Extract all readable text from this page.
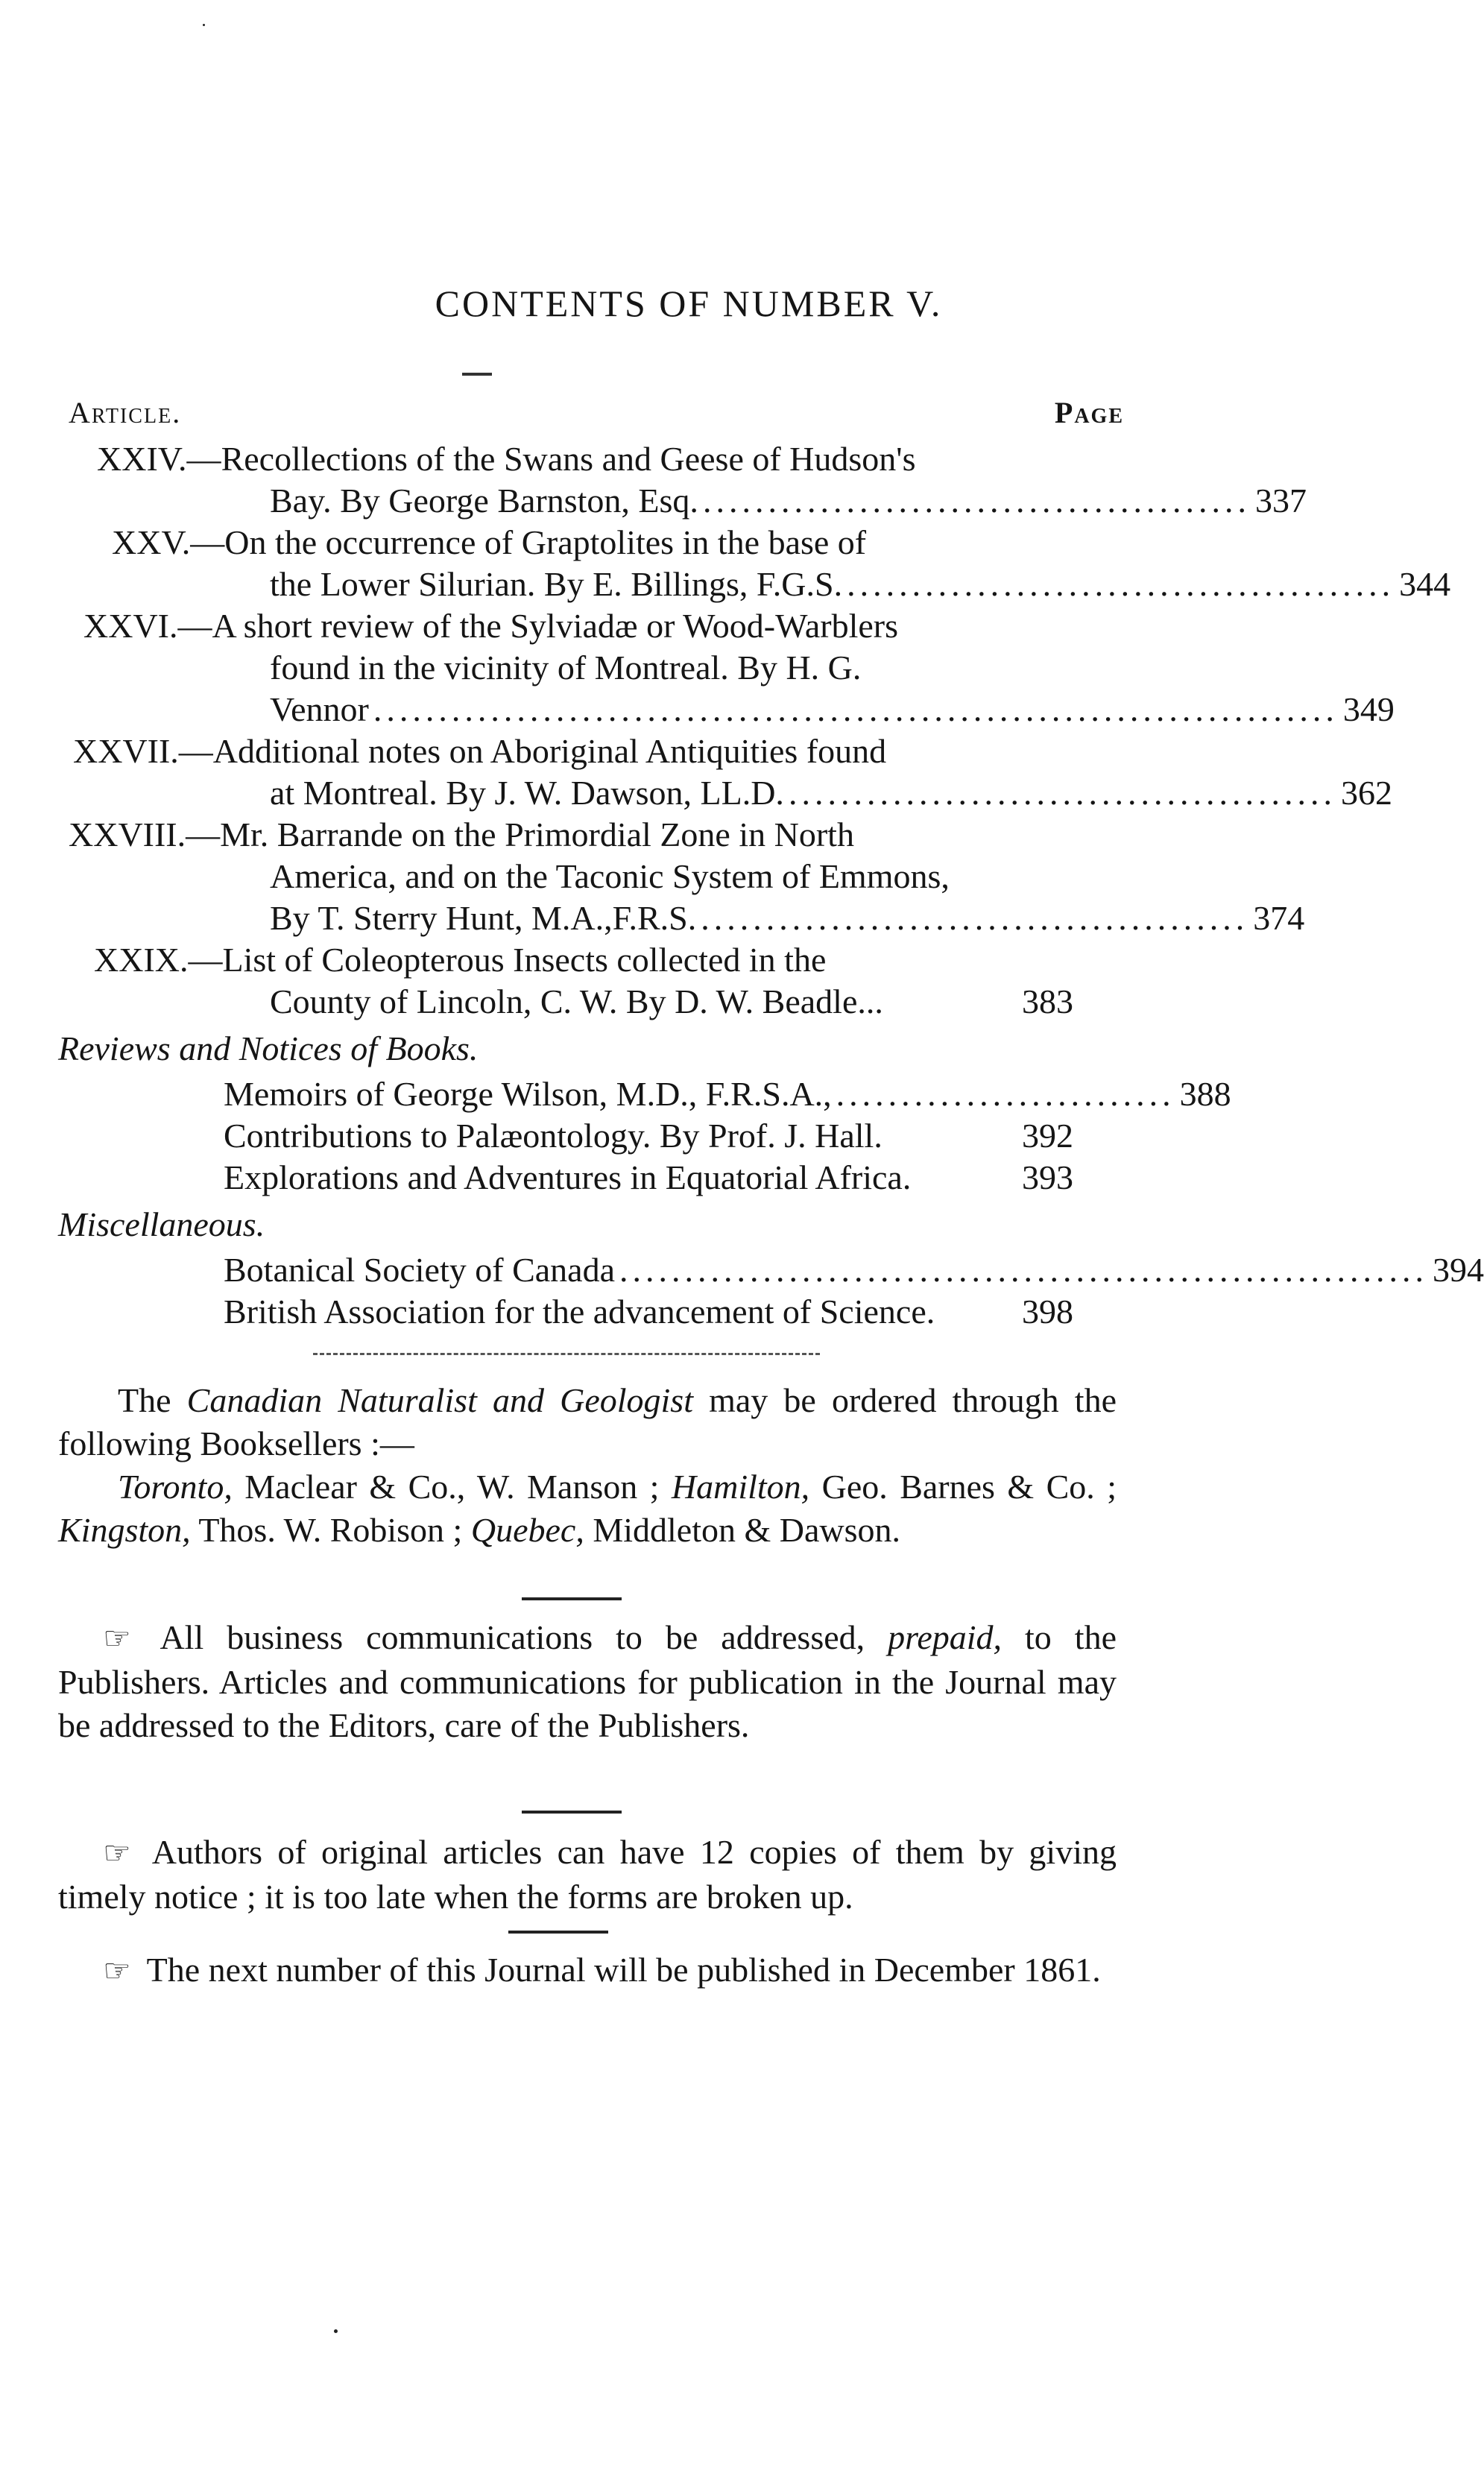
CONTENTS OF NUMBER V.
Article.	Page
XXIV.— Recollections of the Swans and Geese of Hudson's
Bay. By George Barnston, Esq. .......................................... 337
XXV.— On the occurrence of Graptolites in the base of
the Lower Silurian. By E. Billings, F.G.S. .......................................... 344
XXVI.— A short review of the Sylviadæ or Wood-Warblers
found in the vicinity of Montreal. By H. G.
Vennor .......................................................................... 349
XXVII.— Additional notes on Aboriginal Antiquities found
at Montreal. By J. W. Dawson, LL.D. .......................................... 362
XXVIII.— Mr. Barrande on the Primordial Zone in North
America, and on the Taconic System of Emmons,
By T. Sterry Hunt, M.A.,F.R.S. .......................................... 374
XXIX.— List of Coleopterous Insects collected in the
County of Lincoln, C. W. By D. W. Beadle...	383
Reviews and Notices of Books.
Memoirs of George Wilson, M.D., F.R.S.A., .......................... 388
Contributions to Palæontology. By Prof. J. Hall.	392
Explorations and Adventures in Equatorial Africa.	393
Miscellaneous.
Botanical Society of Canada .............................................................. 394
British Association for the advancement of Science.	398
The Canadian Naturalist and Geologist may be ordered through the following Booksellers :—
Toronto, Maclear & Co., W. Manson ; Hamilton, Geo. Barnes & Co. ; Kingston, Thos. W. Robison ; Quebec, Middleton & Dawson.
☞ All business communications to be addressed, prepaid, to the Publishers. Articles and communications for publication in the Journal may be addressed to the Editors, care of the Publishers.
☞ Authors of original articles can have 12 copies of them by giving timely notice ; it is too late when the forms are broken up.
☞ The next number of this Journal will be published in December 1861.
